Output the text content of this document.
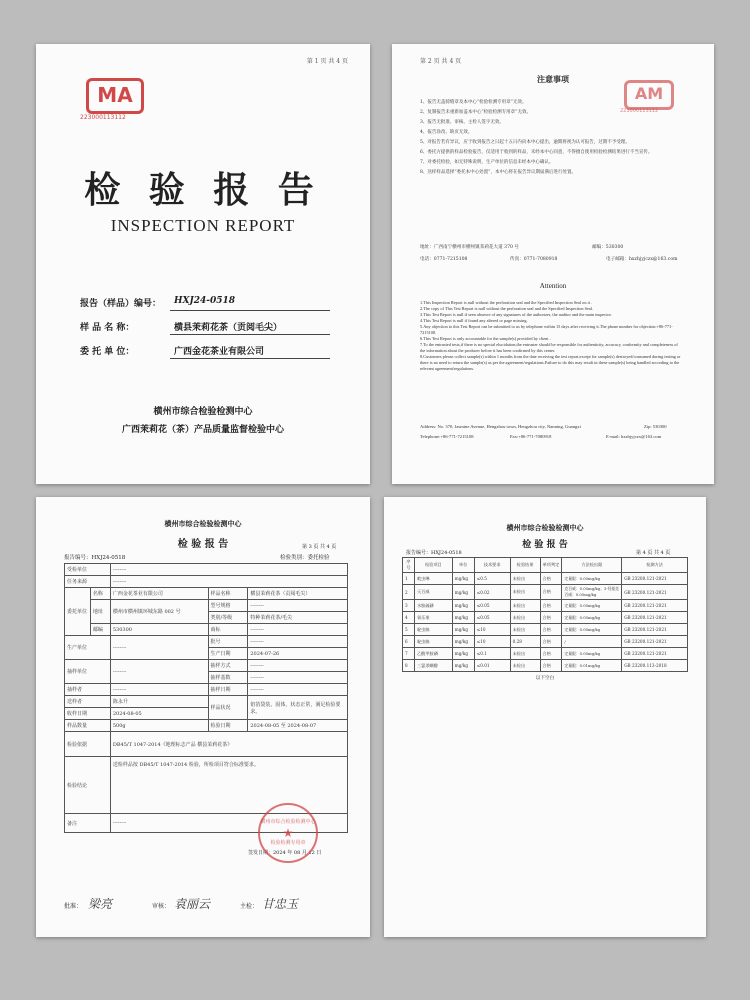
第 1 页 共 4 页
MA
223000113112
检 验 报 告
INSPECTION REPORT
报告（样品）编号： HXJ24-0518
样 品 名 称：	横县茉莉花茶（贡阅毛尖）
委 托 单 位：	广西金花茶业有限公司
横州市综合检验检测中心
广西茉莉花（茶）产品质量监督检验中心
第 2 页 共 4 页
AM
223000113112
注意事项
1、报告无盖骑缝章及本中心“检验检测专用章”无效。
2、复制报告未重新加盖本中心“检验检测专用章”无效。
3、报告无批准、审核、主检人签字无效。
4、报告涂改、缺页无效。
5、对报告若有异议，应于收到报告之日起十五日内向本中心提出，逾期将视为认可报告，过期不予受理。
6、委托方提供的样品检验报告，仅适用于收到的样品，未经本中心同意，不得擅自使用检验检测结果进行不当宣传。
7、对委托检验，如无特殊说明，生产单位的信息未经本中心确认。
8、送样样品选择“委托本中心处置”，本中心将在报告异议期届满后进行处置。
地址：广西南宁横州市横州镇茉莉花大道 370 号	邮编：530300
电话：0771-7215108	传真：0771-7080918	电子邮箱：hxzhjyjczx@163.com
Attention
1.This Inspection Report is null without the perforation seal and the Specified Inspection Seal on it .
2.The copy of This Test Report is null without the perforation seal and the Specified Inspection Seal.
3.This Test Report is null if seen absence of any signatures of the authorizer, the auditor and the main inspector.
4.This Test Report is null if found any altered or page missing.
5.Any objection to this Test Report can be submitted to us by telephone within 15 days after receiving it.The phone number for objection:+86-771-7215108.
6.This Test Report is only accountable for the sample(s) provided by client .
7.To the entrusted tests,if there is no special elucidation,the entruster should be responsible for authenticity, accuracy, conformity and completeness of the information about the producer before it has been confirmed by this center.
8.Customers please collect sample(s) within 1 months from the date receiving the test report,except for sample(s) destroyed/consumed during testing or there is no need to return the sample(s) as per the agreement/regulations.Failure to do this may result in these sample(s) being handled according to the relevant agreement/regulations.
Address: No. 370, Jasmine Avenue, Hengzhou town, Hengzhou city, Nanning, Guangxi	Zip: 530300
Telephone:+86-771-7215108	Fax:+86-771-7080918	E-mail: hxzhjyjczx@163.com
横州市综合检验检测中心
检 验 报 告	第 3 页 共 4 页
报告编号：HXJ24-0518	检验类别：委托检验
受检单位		--------		
任务来源		--------		
委托单位	名称	广西金花茶业有限公司	样品名称	横县茉莉花茶（贡阅毛尖）
	地址	横州市横州镇环城东路 002 号	型号规格	--------
			类别/等级	特种茉莉花茶/毛尖
	邮编	530300	商标	--------
生产单位		--------	批号	--------
			生产日期	2024-07-26
抽样单位		--------	抽样方式	--------
			抽样基数	--------
抽样者		--------	抽样日期	--------
送样者		陈永升	样品状况	铝箔袋装，固体，状态正常，满足检验要求。
收样日期		2024-08-05		
样品数量		500g	检验日期	2024-08-05 至 2024-08-07
检验依据		DB45/T 1047-2014《地理标志产品 横县茉莉花茶》		
检验结论		送检样品按 DB45/T 1047-2014 检验，所检项目符合标准要求。		
备注		--------		
签发日期：2024 年 08 月 12 日
横州市综合检验检测中心
★
检验检测专用章
批准： 梁亮	审核： 袁丽云	主检： 甘忠玉
横州市综合检验检测中心
检 验 报 告
报告编号：HXJ24-0518	第 4 页 共 4 页
序号	检验项目	单位	技术要求	检验结果	单项判定	方法检出限	检测方法
1	吡虫啉	mg/kg	≤0.5	未检出	合格	定量限：0.05mg/kg	GB 23200.121-2021
2	灭百威	mg/kg	≤0.02	未检出	合格	克百威：0.05mg/kg；3-羟基克百威：0.05mg/kg	GB 23200.121-2021
3	水胺硫磷	mg/kg	≤0.05	未检出	合格	定量限：0.05mg/kg	GB 23200.121-2021
4	氧乐果	mg/kg	≤0.05	未检出	合格	定量限：0.05mg/kg	GB 23200.121-2021
5	啶虫脒	mg/kg	≤10	未检出	合格	定量限：0.05mg/kg	GB 23200.121-2021
6	啶虫脒	mg/kg	≤10	0.28	合格	/	GB 23200.121-2021
7	乙酰甲胺磷	mg/kg	≤0.1	未检出	合格	定量限：0.05mg/kg	GB 23200.121-2021
8	三氯杀螨醇	mg/kg	≤0.01	未检出	合格	定量限：0.01mg/kg	GB 23200.113-2018
以下空白
